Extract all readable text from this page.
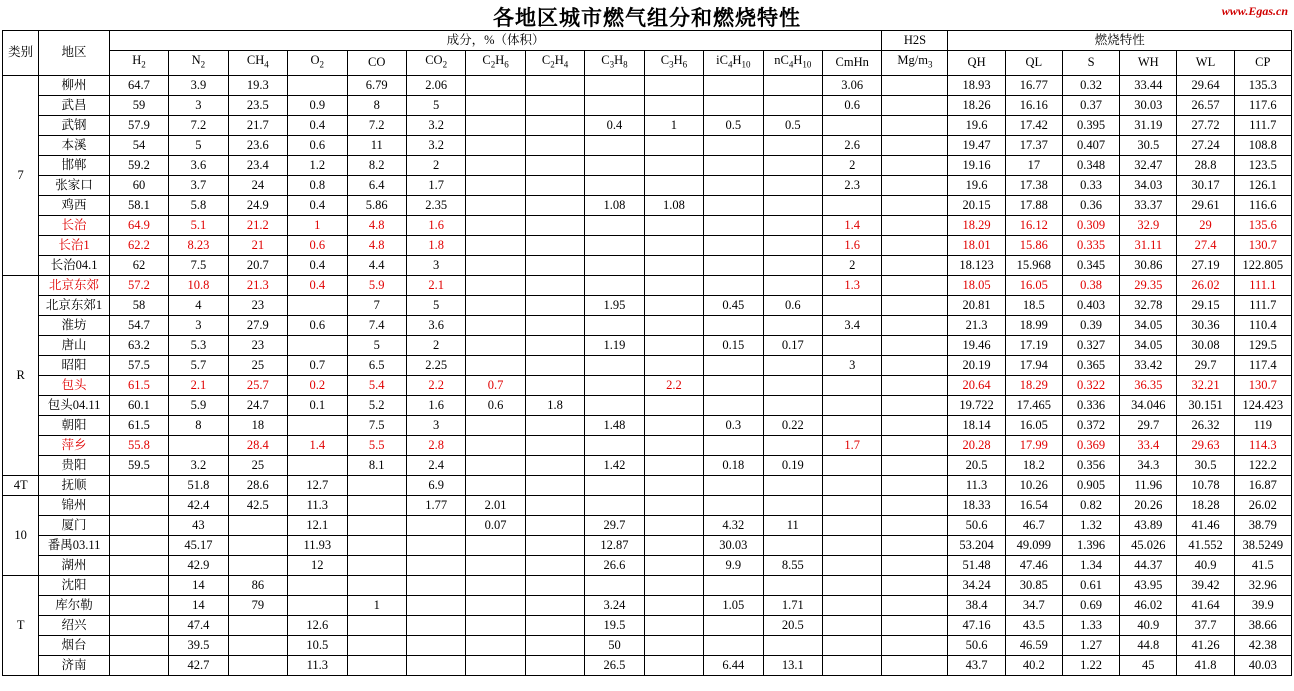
各地区城市燃气组分和燃烧特性	www.Egas.cn
类别	地区	成分，%（体积）													H2S	燃烧特性					
		$H_2$	$N_2$	$CH_4$	$O_2$	CO	$CO_2$	$C_2H_6$	$C_2H_4$	$C_3H_8$	$C_3H_6$	$iC_4H_{10}$	$nC_4H_{10}$	CmHn	$Mg/m_3$	QH	QL	S	WH	WL	CP
7	柳州	64.7	3.9	19.3		6.79	2.06							3.06		18.93	16.77	0.32	33.44	29.64	135.3
	武昌	59	3	23.5	0.9	8	5							0.6		18.26	16.16	0.37	30.03	26.57	117.6
	武钢	57.9	7.2	21.7	0.4	7.2	3.2			0.4	1	0.5	0.5			19.6	17.42	0.395	31.19	27.72	111.7
	本溪	54	5	23.6	0.6	11	3.2							2.6		19.47	17.37	0.407	30.5	27.24	108.8
	邯郸	59.2	3.6	23.4	1.2	8.2	2							2		19.16	17	0.348	32.47	28.8	123.5
	张家口	60	3.7	24	0.8	6.4	1.7							2.3		19.6	17.38	0.33	34.03	30.17	126.1
	鸡西	58.1	5.8	24.9	0.4	5.86	2.35			1.08	1.08					20.15	17.88	0.36	33.37	29.61	116.6
	长治	64.9	5.1	21.2	1	4.8	1.6							1.4		18.29	16.12	0.309	32.9	29	135.6
	长治1	62.2	8.23	21	0.6	4.8	1.8							1.6		18.01	15.86	0.335	31.11	27.4	130.7
	长治04.1	62	7.5	20.7	0.4	4.4	3							2		18.123	15.968	0.345	30.86	27.19	122.805
R	北京东郊	57.2	10.8	21.3	0.4	5.9	2.1							1.3		18.05	16.05	0.38	29.35	26.02	111.1
	北京东郊1	58	4	23		7	5			1.95		0.45	0.6			20.81	18.5	0.403	32.78	29.15	111.7
	淮坊	54.7	3	27.9	0.6	7.4	3.6							3.4		21.3	18.99	0.39	34.05	30.36	110.4
	唐山	63.2	5.3	23		5	2			1.19		0.15	0.17			19.46	17.19	0.327	34.05	30.08	129.5
	昭阳	57.5	5.7	25	0.7	6.5	2.25							3		20.19	17.94	0.365	33.42	29.7	117.4
	包头	61.5	2.1	25.7	0.2	5.4	2.2	0.7			2.2					20.64	18.29	0.322	36.35	32.21	130.7
	包头04.11	60.1	5.9	24.7	0.1	5.2	1.6	0.6	1.8							19.722	17.465	0.336	34.046	30.151	124.423
	朝阳	61.5	8	18		7.5	3			1.48		0.3	0.22			18.14	16.05	0.372	29.7	26.32	119
	萍乡	55.8		28.4	1.4	5.5	2.8							1.7		20.28	17.99	0.369	33.4	29.63	114.3
	贵阳	59.5	3.2	25		8.1	2.4			1.42		0.18	0.19			20.5	18.2	0.356	34.3	30.5	122.2
4T	抚顺		51.8	28.6	12.7		6.9									11.3	10.26	0.905	11.96	10.78	16.87
10	锦州		42.4	42.5	11.3		1.77	2.01								18.33	16.54	0.82	20.26	18.28	26.02
	厦门		43		12.1			0.07		29.7		4.32	11			50.6	46.7	1.32	43.89	41.46	38.79
	番禺03.11		45.17		11.93					12.87		30.03				53.204	49.099	1.396	45.026	41.552	38.5249
	湖州		42.9		12					26.6		9.9	8.55			51.48	47.46	1.34	44.37	40.9	41.5
T	沈阳		14	86												34.24	30.85	0.61	43.95	39.42	32.96
	库尔勒		14	79		1				3.24		1.05	1.71			38.4	34.7	0.69	46.02	41.64	39.9
	绍兴		47.4		12.6					19.5			20.5			47.16	43.5	1.33	40.9	37.7	38.66
	烟台		39.5		10.5					50						50.6	46.59	1.27	44.8	41.26	42.38
	济南		42.7		11.3					26.5		6.44	13.1			43.7	40.2	1.22	45	41.8	40.03
